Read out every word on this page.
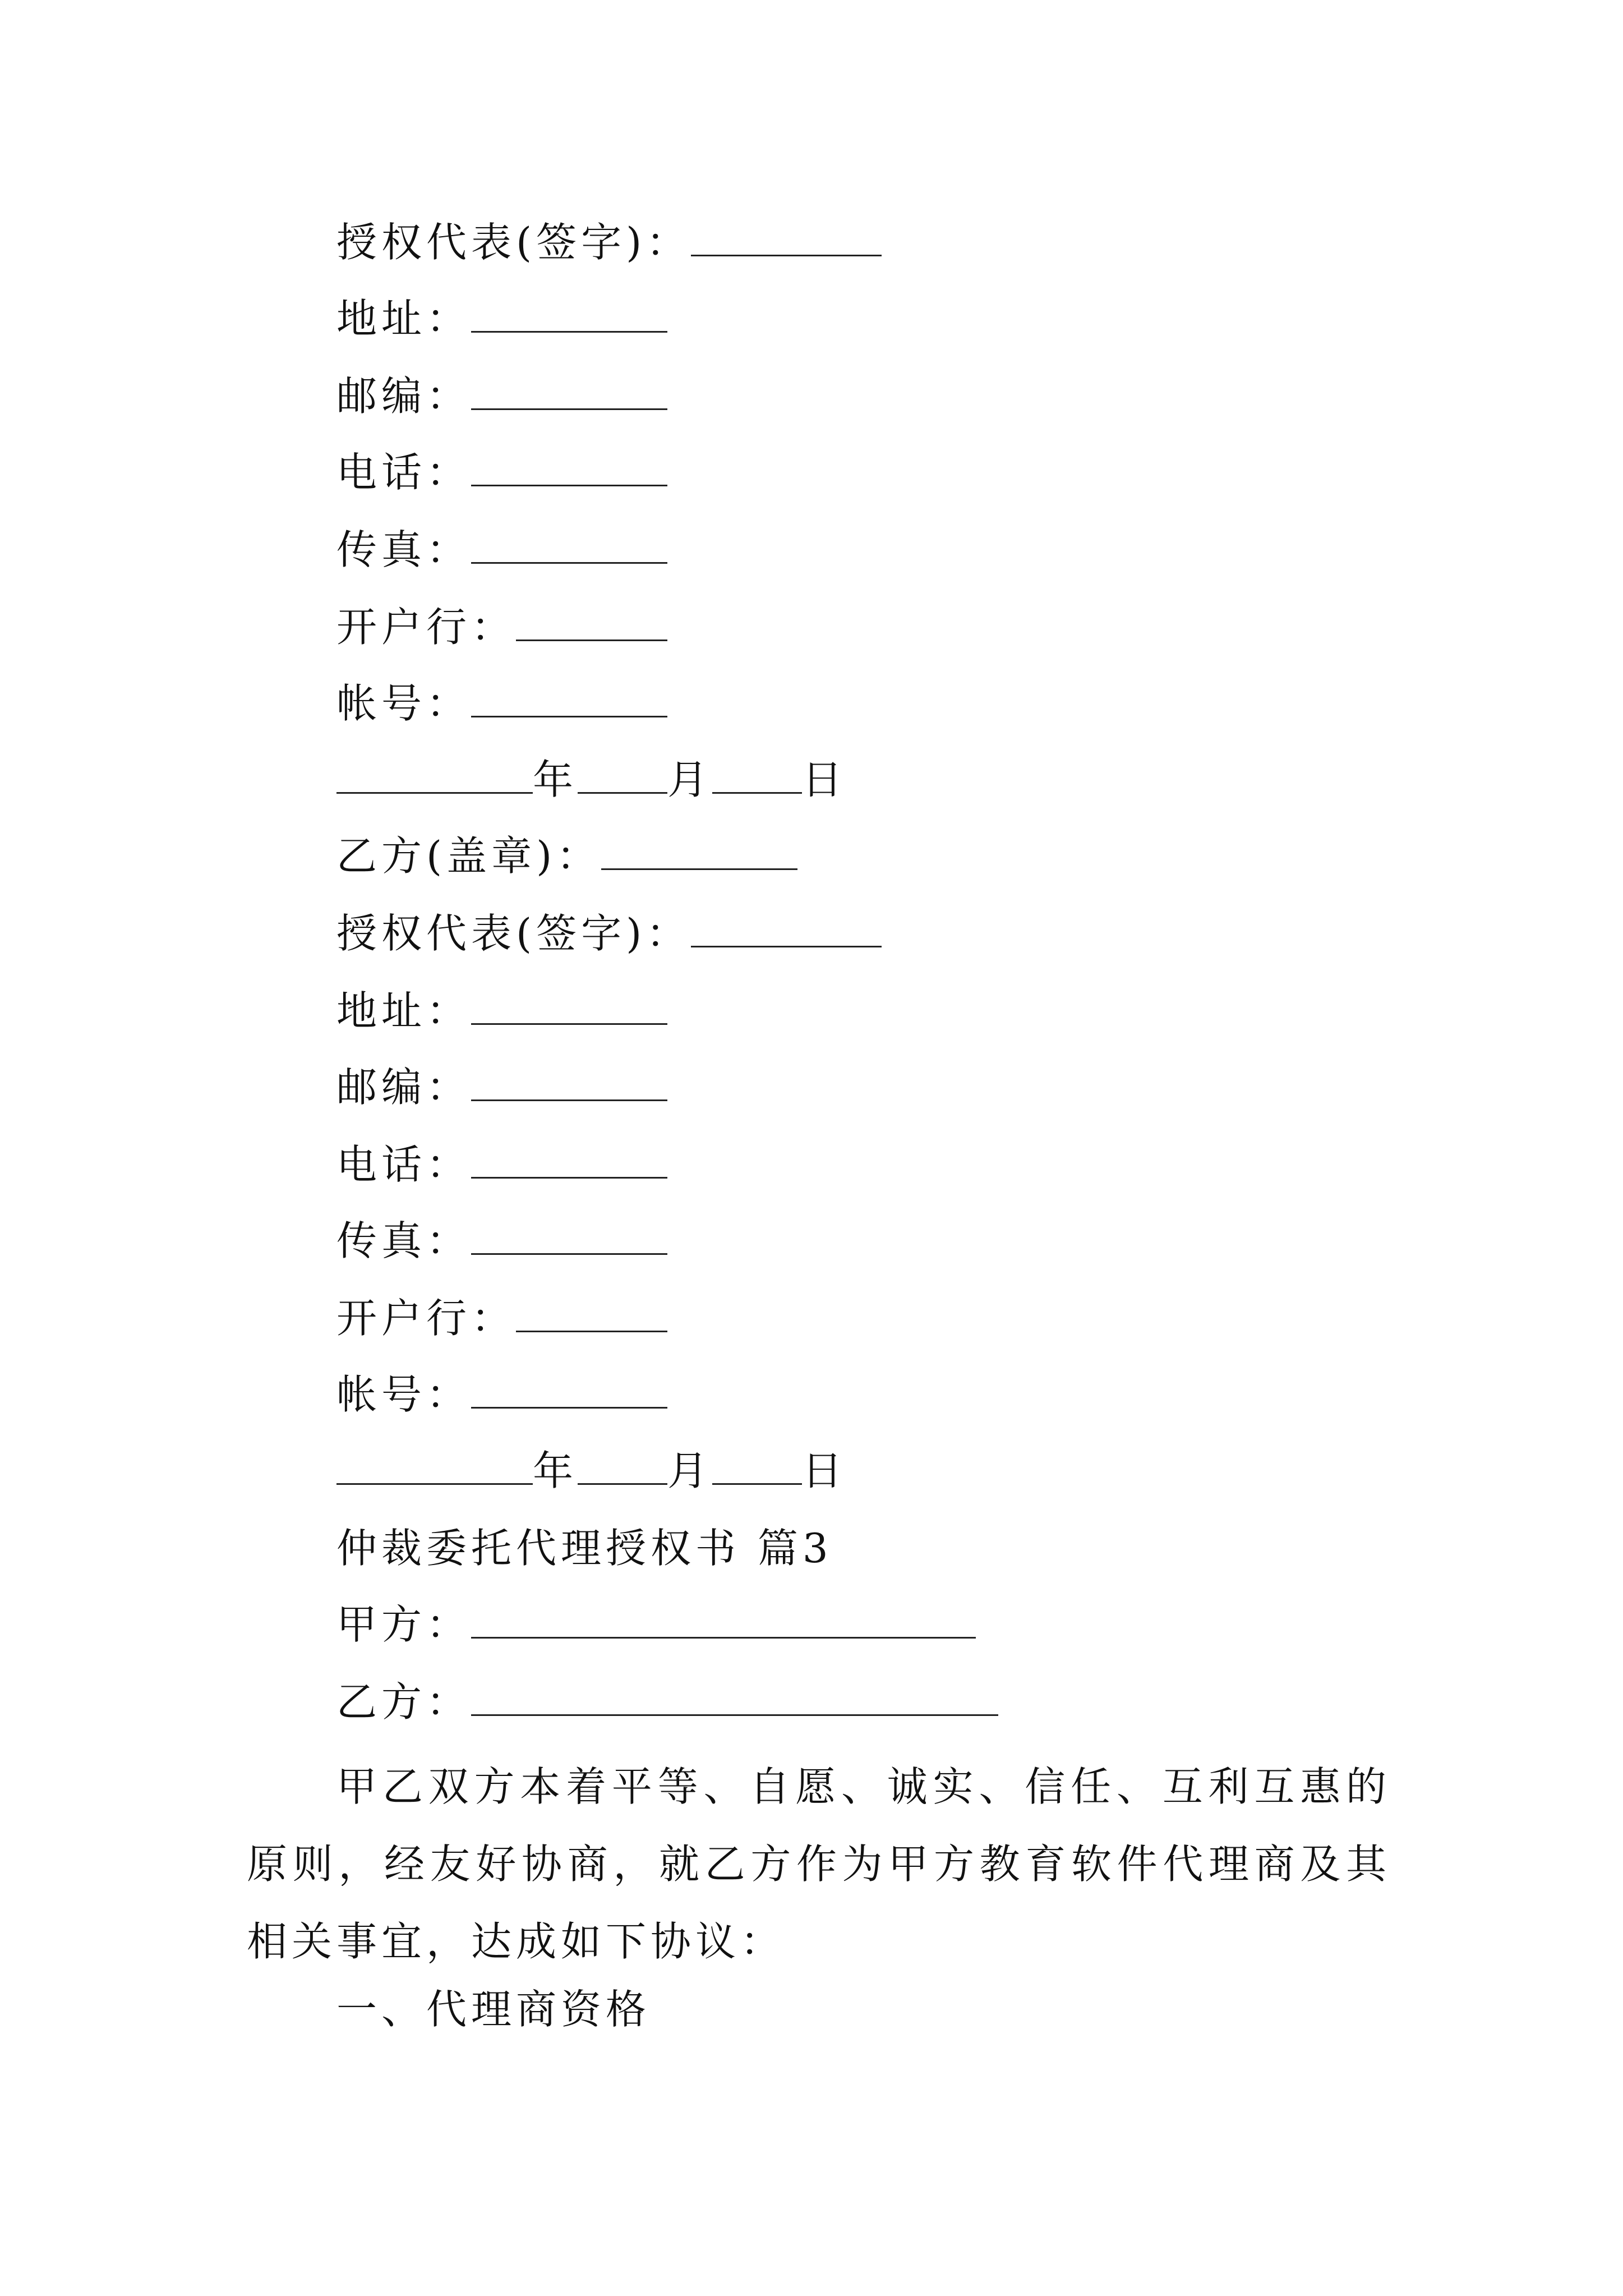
授权代表(签字)：
地址：
邮编：
电话：
传真：
开户行：
帐号：
年 月 日
乙方(盖章)：
授权代表(签字)：
地址：
邮编：
电话：
传真：
开户行：
帐号：
年 月 日
仲裁委托代理授权书 篇3
甲方：
乙方：
甲乙双方本着平等、自愿、诚实、信任、互利互惠的原则，经友好协商，就乙方作为甲方教育软件代理商及其相关事宜，达成如下协议：
一、代理商资格
